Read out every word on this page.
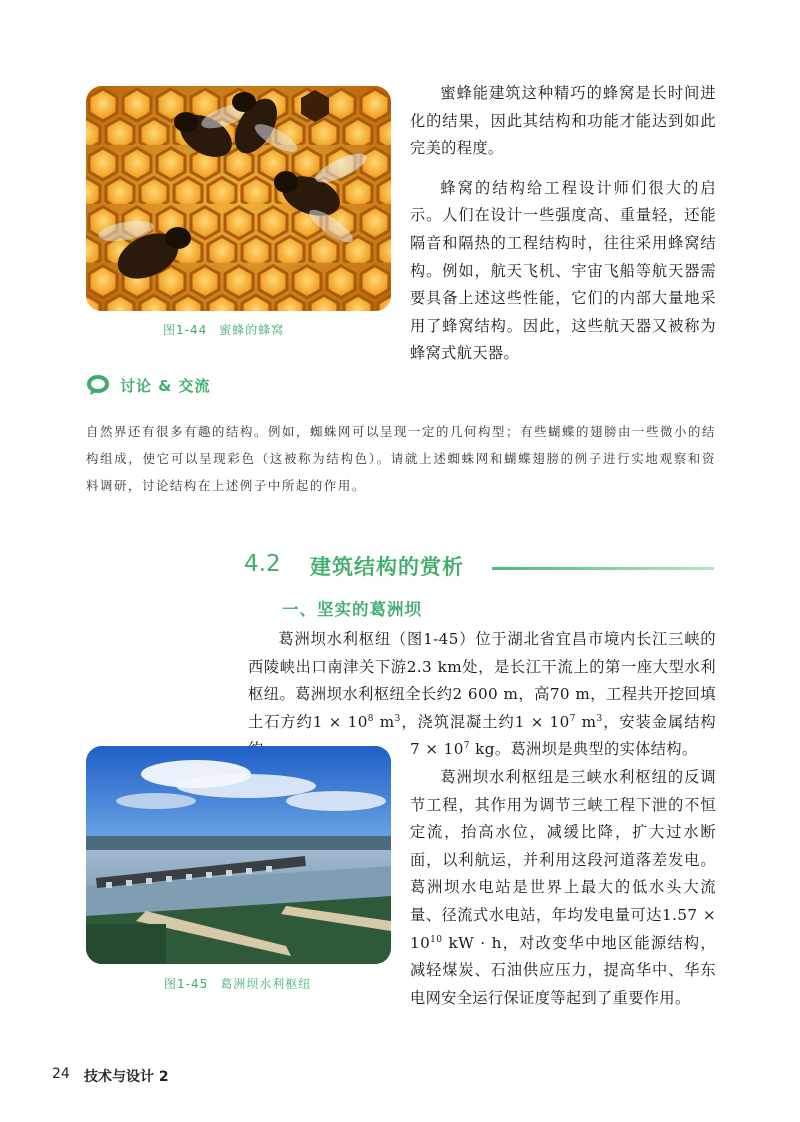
图1-44 蜜蜂的蜂窝

蜜蜂能建筑这种精巧的蜂窝是长时间进化的结果，因此其结构和功能才能达到如此完美的程度。

蜂窝的结构给工程设计师们很大的启示。人们在设计一些强度高、重量轻，还能隔音和隔热的工程结构时，往往采用蜂窝结构。例如，航天飞机、宇宙飞船等航天器需要具备上述这些性能，它们的内部大量地采用了蜂窝结构。因此，这些航天器又被称为蜂窝式航天器。

讨论 & 交流

自然界还有很多有趣的结构。例如，蜘蛛网可以呈现一定的几何构型；有些蝴蝶的翅膀由一些微小的结构组成，使它可以呈现彩色（这被称为结构色）。请就上述蜘蛛网和蝴蝶翅膀的例子进行实地观察和资料调研，讨论结构在上述例子中所起的作用。

4.2 建筑结构的赏析
一、坚实的葛洲坝

葛洲坝水利枢纽（图1-45）位于湖北省宜昌市境内长江三峡的西陵峡出口南津关下游2.3 km处，是长江干流上的第一座大型水利枢纽。葛洲坝水利枢纽全长约2 600 m，高70 m，工程共开挖回填土石方约$1 \times 10^8$ $m^3$，浇筑混凝土约$1 \times 10^7$ $m^3$，安装金属结构

$7 \times 10^7$ kg。葛洲坝是典型的实体结构。

葛洲坝水利枢纽是三峡水利枢纽的反调节工程，其作用为调节三峡工程下泄的不恒定流，抬高水位，减缓比降，扩大过水断面，以利航运，并利用这段河道落差发电。葛洲坝水电站是世界上最大的低水头大流量、径流式水电站，年均发电量可达$1.57 \times 10^{10}$ kW · h，对改变华中地区能源结构，减轻煤炭、石油供应压力，提高华中、华东电网安全运行保证度等起到了重要作用。

图1-45 葛洲坝水利枢纽
24 技术与设计 2
